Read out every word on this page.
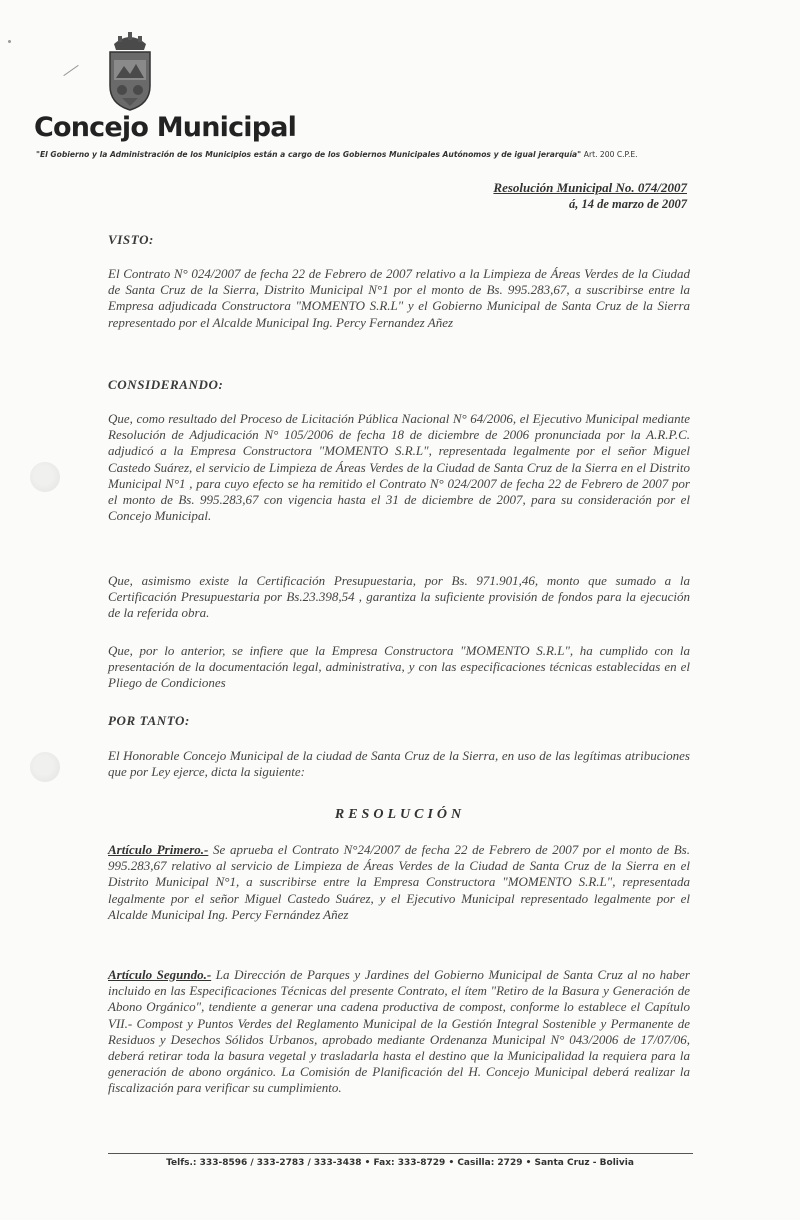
Concejo Municipal
"El Gobierno y la Administración de los Municipios están a cargo de los Gobiernos Municipales Autónomos y de igual jerarquía" Art. 200 C.P.E.
Resolución Municipal No. 074/2007
á, 14 de marzo de 2007
VISTO:

El Contrato N° 024/2007 de fecha 22 de Febrero de 2007 relativo a la Limpieza de Áreas Verdes de la Ciudad de Santa Cruz de la Sierra, Distrito Municipal N°1 por el monto de Bs. 995.283,67, a suscribirse entre la Empresa adjudicada Constructora "MOMENTO S.R.L" y el Gobierno Municipal de Santa Cruz de la Sierra representado por el Alcalde Municipal Ing. Percy Fernandez Añez

CONSIDERANDO:

Que, como resultado del Proceso de Licitación Pública Nacional N° 64/2006, el Ejecutivo Municipal mediante Resolución de Adjudicación N° 105/2006 de fecha 18 de diciembre de 2006 pronunciada por la A.R.P.C. adjudicó a la Empresa Constructora "MOMENTO S.R.L", representada legalmente por el señor Miguel Castedo Suárez, el servicio de Limpieza de Áreas Verdes de la Ciudad de Santa Cruz de la Sierra en el Distrito Municipal N°1 , para cuyo efecto se ha remitido el Contrato N° 024/2007 de fecha 22 de Febrero de 2007 por el monto de Bs. 995.283,67 con vigencia hasta el 31 de diciembre de 2007, para su consideración por el Concejo Municipal.

Que, asimismo existe la Certificación Presupuestaria, por Bs. 971.901,46, monto que sumado a la Certificación Presupuestaria por Bs.23.398,54 , garantiza la suficiente provisión de fondos para la ejecución de la referida obra.

Que, por lo anterior, se infiere que la Empresa Constructora "MOMENTO S.R.L", ha cumplido con la presentación de la documentación legal, administrativa, y con las especificaciones técnicas establecidas en el Pliego de Condiciones

POR TANTO:

El Honorable Concejo Municipal de la ciudad de Santa Cruz de la Sierra, en uso de las legítimas atribuciones que por Ley ejerce, dicta la siguiente:

RESOLUCIÓN

Artículo Primero.- Se aprueba el Contrato N°24/2007 de fecha 22 de Febrero de 2007 por el monto de Bs. 995.283,67 relativo al servicio de Limpieza de Áreas Verdes de la Ciudad de Santa Cruz de la Sierra en el Distrito Municipal N°1, a suscribirse entre la Empresa Constructora "MOMENTO S.R.L", representada legalmente por el señor Miguel Castedo Suárez, y el Ejecutivo Municipal representado legalmente por el Alcalde Municipal Ing. Percy Fernández Añez

Artículo Segundo.- La Dirección de Parques y Jardines del Gobierno Municipal de Santa Cruz al no haber incluido en las Especificaciones Técnicas del presente Contrato, el ítem "Retiro de la Basura y Generación de Abono Orgánico", tendiente a generar una cadena productiva de compost, conforme lo establece el Capítulo VII.- Compost y Puntos Verdes del Reglamento Municipal de la Gestión Integral Sostenible y Permanente de Residuos y Desechos Sólidos Urbanos, aprobado mediante Ordenanza Municipal N° 043/2006 de 17/07/06, deberá retirar toda la basura vegetal y trasladarla hasta el destino que la Municipalidad la requiera para la generación de abono orgánico. La Comisión de Planificación del H. Concejo Municipal deberá realizar la fiscalización para verificar su cumplimiento.

Telfs.: 333-8596 / 333-2783 / 333-3438 • Fax: 333-8729 • Casilla: 2729 • Santa Cruz - Bolivia
